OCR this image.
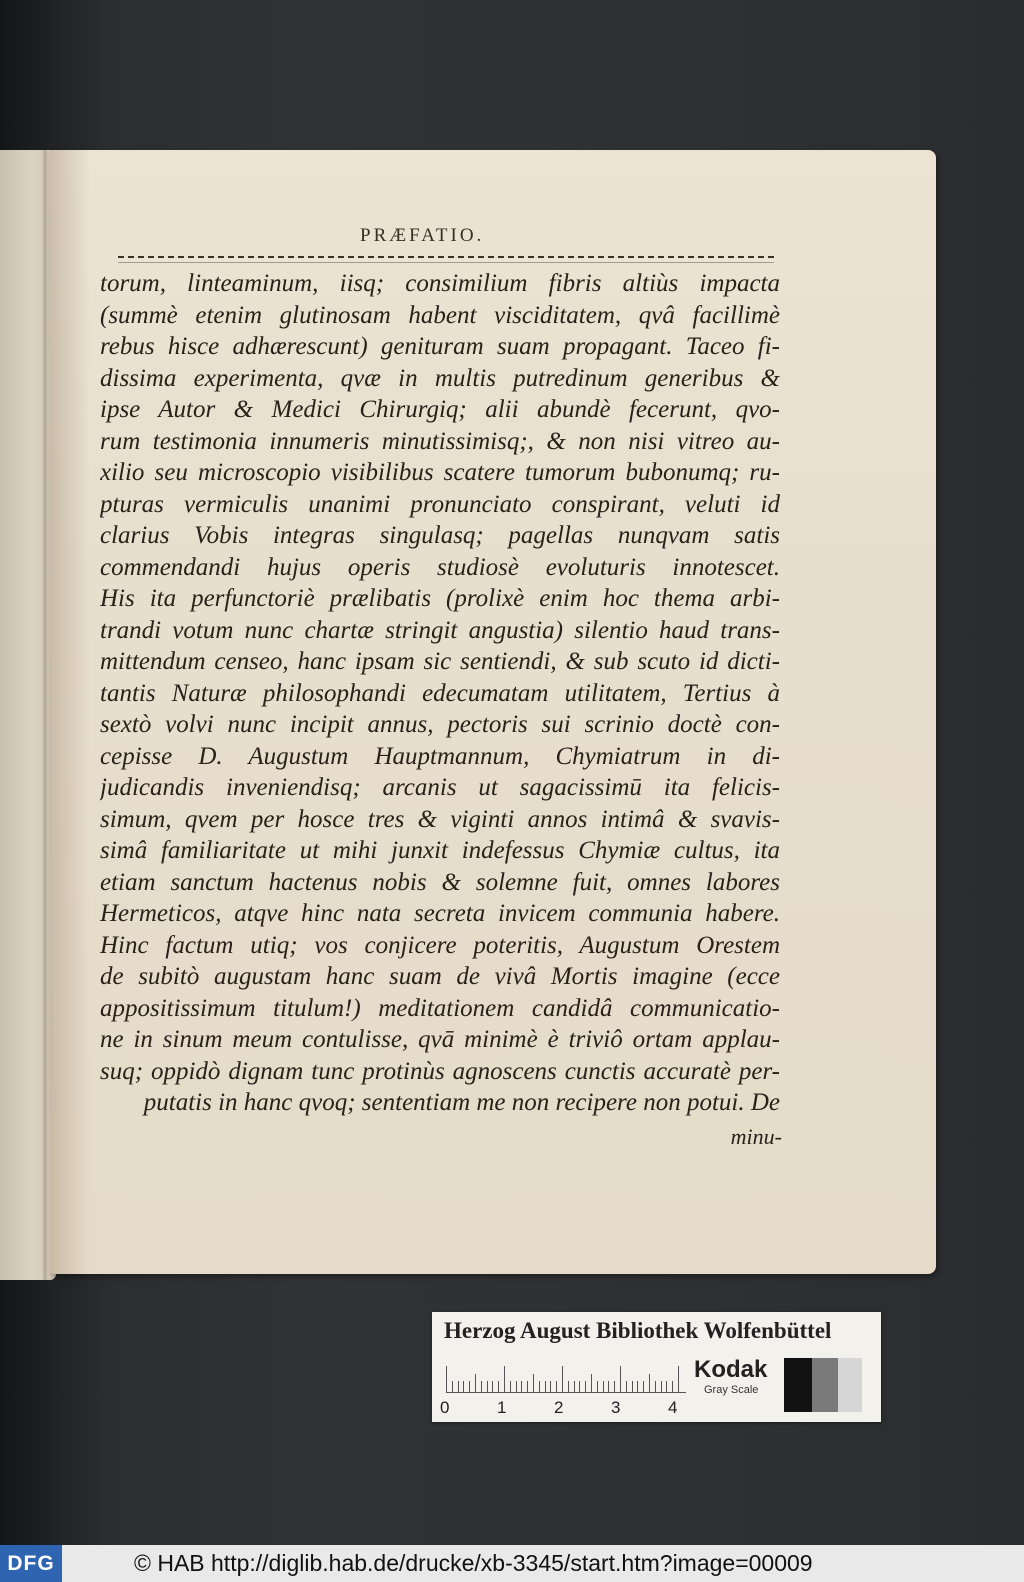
PRÆFATIO.
torum, linteaminum, iisq; consimilium fibris altiùs impacta
(summè etenim glutinosam habent visciditatem, qvâ facillimè
rebus hisce adhærescunt) genituram suam propagant. Taceo fi-
dissima experimenta, qvæ in multis putredinum generibus &
ipse Autor & Medici Chirurgiq; alii abundè fecerunt, qvo-
rum testimonia innumeris minutissimisq;, & non nisi vitreo au-
xilio seu microscopio visibilibus scatere tumorum bubonumq; ru-
pturas vermiculis unanimi pronunciato conspirant, veluti id
clarius Vobis integras singulasq; pagellas nunqvam satis
commendandi hujus operis studiosè evoluturis innotescet.
His ita perfunctoriè prælibatis (prolixè enim hoc thema arbi-
trandi votum nunc chartæ stringit angustia) silentio haud trans-
mittendum censeo, hanc ipsam sic sentiendi, & sub scuto id dicti-
tantis Naturæ philosophandi edecumatam utilitatem, Tertius à
sextò volvi nunc incipit annus, pectoris sui scrinio doctè con-
cepisse D. Augustum Hauptmannum, Chymiatrum in di-
judicandis inveniendisq; arcanis ut sagacissimū ita felicis-
simum, qvem per hosce tres & viginti annos intimâ & svavis-
simâ familiaritate ut mihi junxit indefessus Chymiæ cultus, ita
etiam sanctum hactenus nobis & solemne fuit, omnes labores
Hermeticos, atqve hinc nata secreta invicem communia habere.
Hinc factum utiq; vos conjicere poteritis, Augustum Orestem
de subitò augustam hanc suam de vivâ Mortis imagine (ecce
appositissimum titulum!) meditationem candidâ communicatio-
ne in sinum meum contulisse, qvā minimè è triviô ortam applau-
suq; oppidò dignam tunc protinùs agnoscens cunctis accuratè per-
putatis in hanc qvoq; sententiam me non recipere non potui. De
minu-
Herzog August Bibliothek Wolfenbüttel
0	1	2	3	4
Kodak
Gray Scale
DFG	© HAB http://diglib.hab.de/drucke/xb-3345/start.htm?image=00009
